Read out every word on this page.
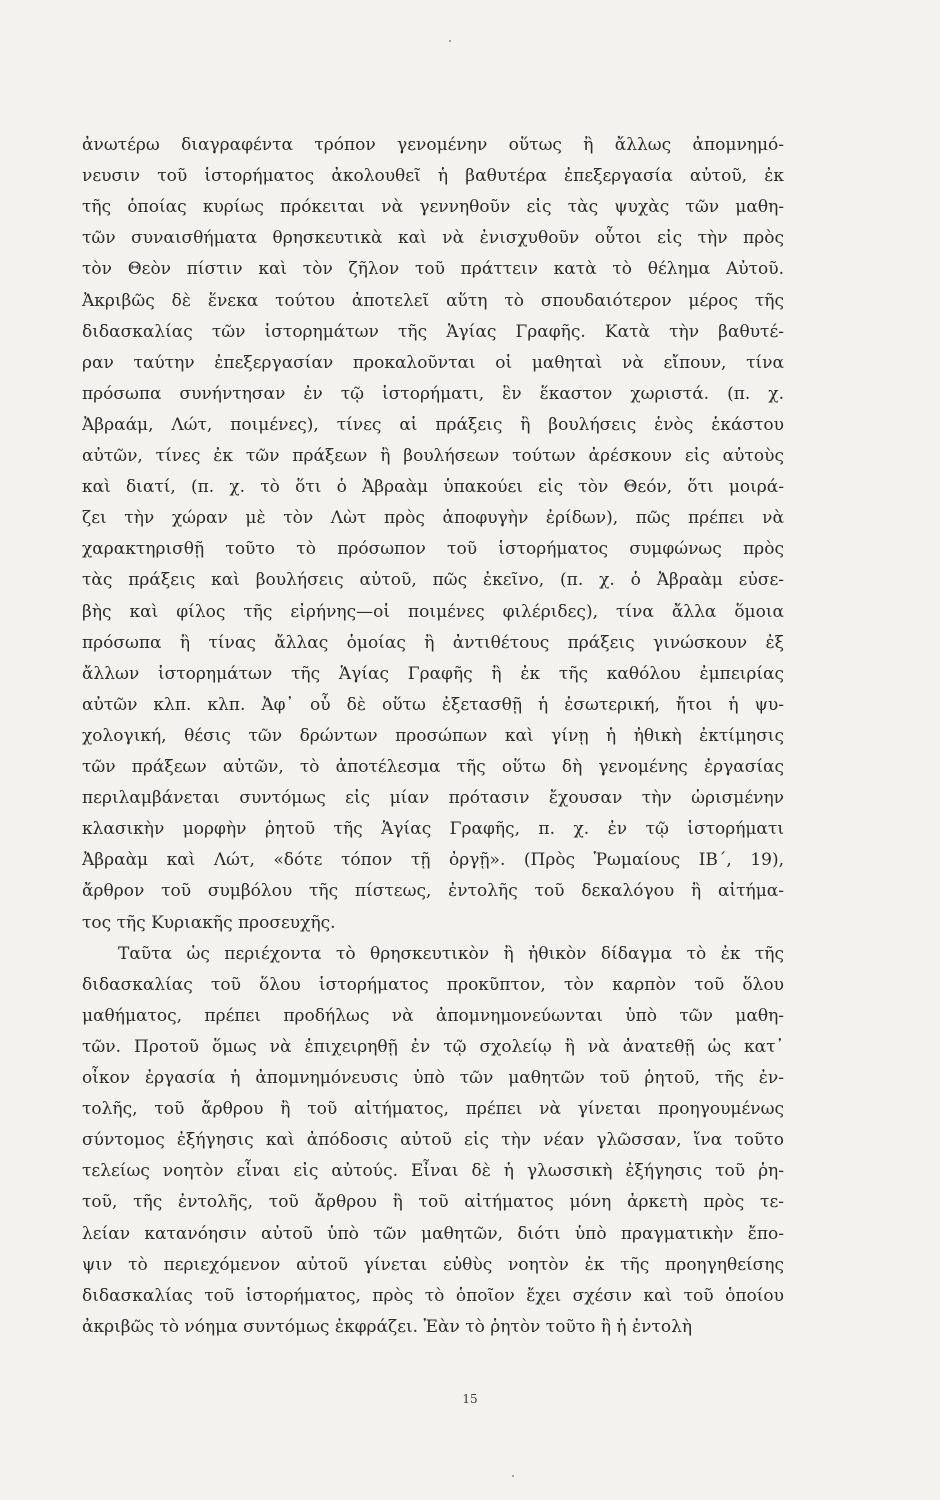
ἀνωτέρω διαγραφέντα τρόπον γενομένην οὕτως ἢ ἄλλως ἀπομνημό-
νευσιν τοῦ ἱστορήματος ἀκολουθεῖ ἡ βαθυτέρα ἐπεξεργασία αὐτοῦ, ἐκ
τῆς ὁποίας κυρίως πρόκειται νὰ γεννηθοῦν εἰς τὰς ψυχὰς τῶν μαθη-
τῶν συναισθήματα θρησκευτικὰ καὶ νὰ ἐνισχυθοῦν οὗτοι εἰς τὴν πρὸς
τὸν Θεὸν πίστιν καὶ τὸν ζῆλον τοῦ πράττειν κατὰ τὸ θέλημα Αὐτοῦ.
Ἀκριβῶς δὲ ἕνεκα τούτου ἀποτελεῖ αὕτη τὸ σπουδαιότερον μέρος τῆς
διδασκαλίας τῶν ἱστορημάτων τῆς Ἁγίας Γραφῆς. Κατὰ τὴν βαθυτέ-
ραν ταύτην ἐπεξεργασίαν προκαλοῦνται οἱ μαθηταὶ νὰ εἴπουν, τίνα
πρόσωπα συνήντησαν ἐν τῷ ἱστορήματι, ἓν ἕκαστον χωριστά. (π. χ.
Ἀβραάμ, Λώτ, ποιμένες), τίνες αἱ πράξεις ἢ βουλήσεις ἑνὸς ἑκάστου
αὐτῶν, τίνες ἐκ τῶν πράξεων ἢ βουλήσεων τούτων ἀρέσκουν εἰς αὐτοὺς
καὶ διατί, (π. χ. τὸ ὅτι ὁ Ἀβραὰμ ὑπακούει εἰς τὸν Θεόν, ὅτι μοιρά-
ζει τὴν χώραν μὲ τὸν Λὼτ πρὸς ἀποφυγὴν ἐρίδων), πῶς πρέπει νὰ
χαρακτηρισθῇ τοῦτο τὸ πρόσωπον τοῦ ἱστορήματος συμφώνως πρὸς
τὰς πράξεις καὶ βουλήσεις αὐτοῦ, πῶς ἐκεῖνο, (π. χ. ὁ Ἀβραὰμ εὐσε-
βὴς καὶ φίλος τῆς εἰρήνης—οἱ ποιμένες φιλέριδες), τίνα ἄλλα ὅμοια
πρόσωπα ἢ τίνας ἄλλας ὁμοίας ἢ ἀντιθέτους πράξεις γινώσκουν ἐξ
ἄλλων ἱστορημάτων τῆς Ἁγίας Γραφῆς ἢ ἐκ τῆς καθόλου ἐμπειρίας
αὐτῶν κλπ. κλπ. Ἀφ᾽ οὗ δὲ οὕτω ἐξετασθῇ ἡ ἐσωτερική, ἤτοι ἡ ψυ-
χολογική, θέσις τῶν δρώντων προσώπων καὶ γίνῃ ἡ ἠθικὴ ἐκτίμησις
τῶν πράξεων αὐτῶν, τὸ ἀποτέλεσμα τῆς οὕτω δὴ γενομένης ἐργασίας
περιλαμβάνεται συντόμως εἰς μίαν πρότασιν ἔχουσαν τὴν ὡρισμένην
κλασικὴν μορφὴν ῥητοῦ τῆς Ἁγίας Γραφῆς, π. χ. ἐν τῷ ἱστορήματι
Ἀβραὰμ καὶ Λώτ, «δότε τόπον τῇ ὀργῇ». (Πρὸς Ῥωμαίους ΙΒ΄, 19),
ἄρθρον τοῦ συμβόλου τῆς πίστεως, ἐντολῆς τοῦ δεκαλόγου ἢ αἰτήμα-
τος τῆς Κυριακῆς προσευχῆς.
Ταῦτα ὡς περιέχοντα τὸ θρησκευτικὸν ἢ ἠθικὸν δίδαγμα τὸ ἐκ τῆς
διδασκαλίας τοῦ ὅλου ἱστορήματος προκῦπτον, τὸν καρπὸν τοῦ ὅλου
μαθήματος, πρέπει προδήλως νὰ ἀπομνημονεύωνται ὑπὸ τῶν μαθη-
τῶν. Προτοῦ ὅμως νὰ ἐπιχειρηθῇ ἐν τῷ σχολείῳ ἢ νὰ ἀνατεθῇ ὡς κατ᾽
οἶκον ἐργασία ἡ ἀπομνημόνευσις ὑπὸ τῶν μαθητῶν τοῦ ῥητοῦ, τῆς ἐν-
τολῆς, τοῦ ἄρθρου ἢ τοῦ αἰτήματος, πρέπει νὰ γίνεται προηγουμένως
σύντομος ἐξήγησις καὶ ἀπόδοσις αὐτοῦ εἰς τὴν νέαν γλῶσσαν, ἵνα τοῦτο
τελείως νοητὸν εἶναι εἰς αὐτούς. Εἶναι δὲ ἡ γλωσσικὴ ἐξήγησις τοῦ ῥη-
τοῦ, τῆς ἐντολῆς, τοῦ ἄρθρου ἢ τοῦ αἰτήματος μόνη ἀρκετὴ πρὸς τε-
λείαν κατανόησιν αὐτοῦ ὑπὸ τῶν μαθητῶν, διότι ὑπὸ πραγματικὴν ἔπο-
ψιν τὸ περιεχόμενον αὐτοῦ γίνεται εὐθὺς νοητὸν ἐκ τῆς προηγηθείσης
διδασκαλίας τοῦ ἱστορήματος, πρὸς τὸ ὁποῖον ἔχει σχέσιν καὶ τοῦ ὁποίου
ἀκριβῶς τὸ νόημα συντόμως ἐκφράζει. Ἐὰν τὸ ῥητὸν τοῦτο ἢ ἡ ἐντολὴ
15
